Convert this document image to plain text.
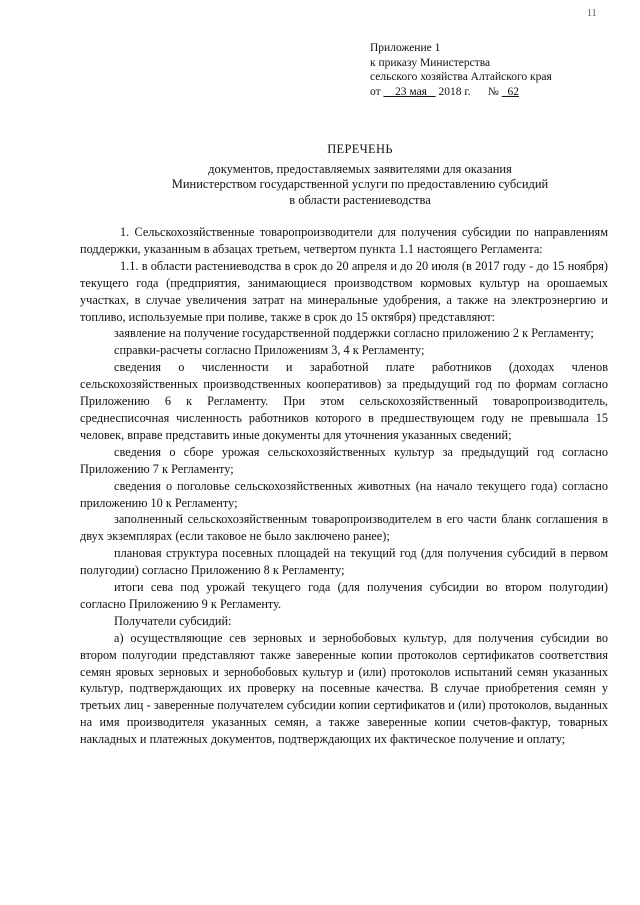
11
Приложение 1
к приказу Министерства
сельского хозяйства Алтайского края
от 23 мая 2018 г. № 62
ПЕРЕЧЕНЬ
документов, предоставляемых заявителями для оказания
Министерством государственной услуги по предоставлению субсидий
в области растениеводства

1. Сельскохозяйственные товаропроизводители для получения субсидии по направлениям поддержки, указанным в абзацах третьем, четвертом пункта 1.1 настоящего Регламента:

1.1. в области растениеводства в срок до 20 апреля и до 20 июля (в 2017 году - до 15 ноября) текущего года (предприятия, занимающиеся производством кормовых культур на орошаемых участках, в случае увеличения затрат на минеральные удобрения, а также на электроэнергию и топливо, используемые при поливе, также в срок до 15 октября) представляют:

заявление на получение государственной поддержки согласно приложению 2 к Регламенту;

справки-расчеты согласно Приложениям 3, 4 к Регламенту;

сведения о численности и заработной плате работников (доходах членов сельскохозяйственных производственных кооперативов) за предыдущий год по формам согласно Приложению 6 к Регламенту. При этом сельскохозяйственный товаропроизводитель, среднесписочная численность работников которого в предшествующем году не превышала 15 человек, вправе представить иные документы для уточнения указанных сведений;

сведения о сборе урожая сельскохозяйственных культур за предыдущий год согласно Приложению 7 к Регламенту;

сведения о поголовье сельскохозяйственных животных (на начало текущего года) согласно приложению 10 к Регламенту;

заполненный сельскохозяйственным товаропроизводителем в его части бланк соглашения в двух экземплярах (если таковое не было заключено ранее);

плановая структура посевных площадей на текущий год (для получения субсидий в первом полугодии) согласно Приложению 8 к Регламенту;

итоги сева под урожай текущего года (для получения субсидии во втором полугодии) согласно Приложению 9 к Регламенту.

Получатели субсидий:

а) осуществляющие сев зерновых и зернобобовых культур, для получения субсидии во втором полугодии представляют также заверенные копии протоколов сертификатов соответствия семян яровых зерновых и зернобобовых культур и (или) протоколов испытаний семян указанных культур, подтверждающих их проверку на посевные качества. В случае приобретения семян у третьих лиц - заверенные получателем субсидии копии сертификатов и (или) протоколов, выданных на имя производителя указанных семян, а также заверенные копии счетов-фактур, товарных накладных и платежных документов, подтверждающих их фактическое получение и оплату;
